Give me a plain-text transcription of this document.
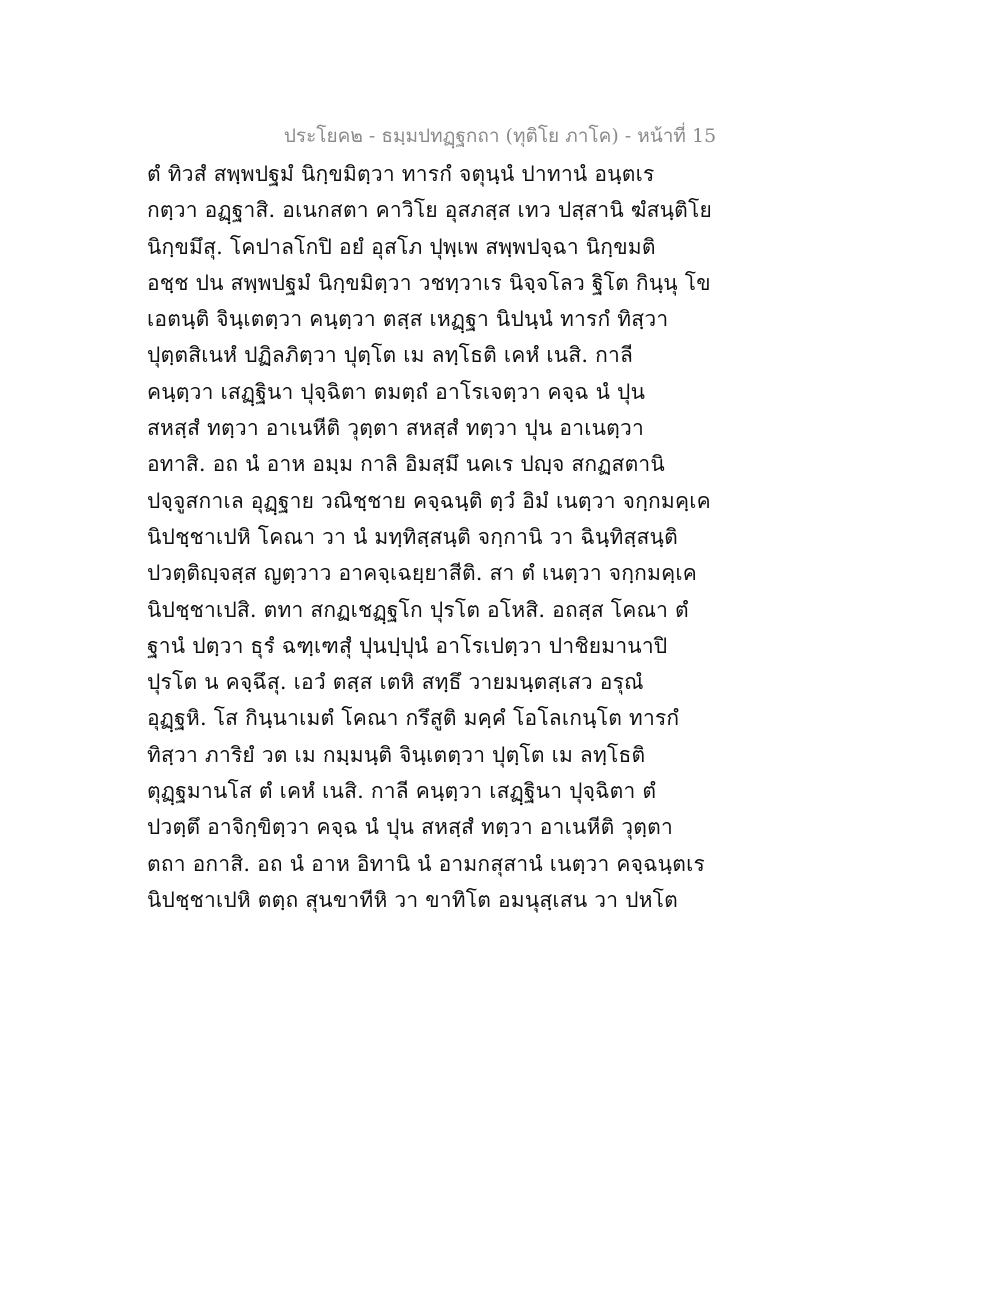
ประโยค๒ - ธมฺมปทฏฺฐกถา (ทุติโย ภาโค) - หน้าที่ 15
ตํ ทิวสํ สพฺพปฐมํ นิกฺขมิตฺวา ทารกํ จตุนฺนํ ปาทานํ อนฺตเร
กตฺวา อฏฺฐาสิ. อเนกสตา คาวิโย อุสภสฺส เทว ปสฺสานิ ฆํสนฺติโย
นิกฺขมึสุ. โคปาลโกปิ อยํ อุสโภ ปุพฺเพ สพฺพปจฺฉา นิกฺขมติ
อชฺช ปน สพฺพปฐมํ นิกฺขมิตฺวา วชทฺวาเร นิจฺจโลว ฐิโต กินฺนุ โข
เอตนฺติ จินฺเตตฺวา คนฺตฺวา ตสฺส เหฏฺฐา นิปนฺนํ ทารกํ ทิสฺวา
ปุตฺตสิเนหํ ปฏิลภิตฺวา ปุตฺโต เม ลทฺโธติ เคหํ เนสิ. กาลี
คนฺตฺวา เสฏฺฐินา ปุจฺฉิตา ตมตฺถํ อาโรเจตฺวา คจฺฉ นํ ปุน
สหสฺสํ ทตฺวา อาเนหีติ วุตฺตา สหสฺสํ ทตฺวา ปุน อาเนตฺวา
อทาสิ. อถ นํ อาห อมฺม กาลิ อิมสฺมึ นคเร ปญฺจ สกฏสตานิ
ปจฺจูสกาเล อุฏฺฐาย วณิชฺชาย คจฺฉนฺติ ตฺวํ อิมํ เนตฺวา จกฺกมคฺเค
นิปชฺชาเปหิ โคณา วา นํ มทฺทิสฺสนฺติ จกฺกานิ วา ฉินฺทิสฺสนฺติ
ปวตฺติญฺจสฺส ญตฺวาว อาคจฺเฉยฺยาสีติ. สา ตํ เนตฺวา จกฺกมคฺเค
นิปชฺชาเปสิ. ตทา สกฏเชฏฺฐโก ปุรโต อโหสิ. อถสฺส โคณา ตํ
ฐานํ ปตฺวา ธุรํ ฉฑฺเฑสุํ ปุนปฺปุนํ อาโรเปตฺวา ปาชิยมานาปิ
ปุรโต น คจฺฉึสุ. เอวํ ตสฺส เตหิ สทฺธึ วายมนฺตสฺเสว อรุณํ
อุฏฺฐหิ. โส กินฺนาเมตํ โคณา กรึสูติ มคฺคํ โอโลเกนฺโต ทารกํ
ทิสฺวา ภาริยํ วต เม กมฺมนฺติ จินฺเตตฺวา ปุตฺโต เม ลทฺโธติ
ตุฏฺฐมานโส ตํ เคหํ เนสิ. กาลี คนฺตฺวา เสฏฺฐินา ปุจฺฉิตา ตํ
ปวตฺตึ อาจิกฺขิตฺวา คจฺฉ นํ ปุน สหสฺสํ ทตฺวา อาเนหีติ วุตฺตา
ตถา อกาสิ. อถ นํ อาห อิทานิ นํ อามกสุสานํ เนตฺวา คจฺฉนฺตเร
นิปชฺชาเปหิ ตตฺถ สุนขาทีหิ วา ขาทิโต อมนุสฺเสน วา ปหโต
